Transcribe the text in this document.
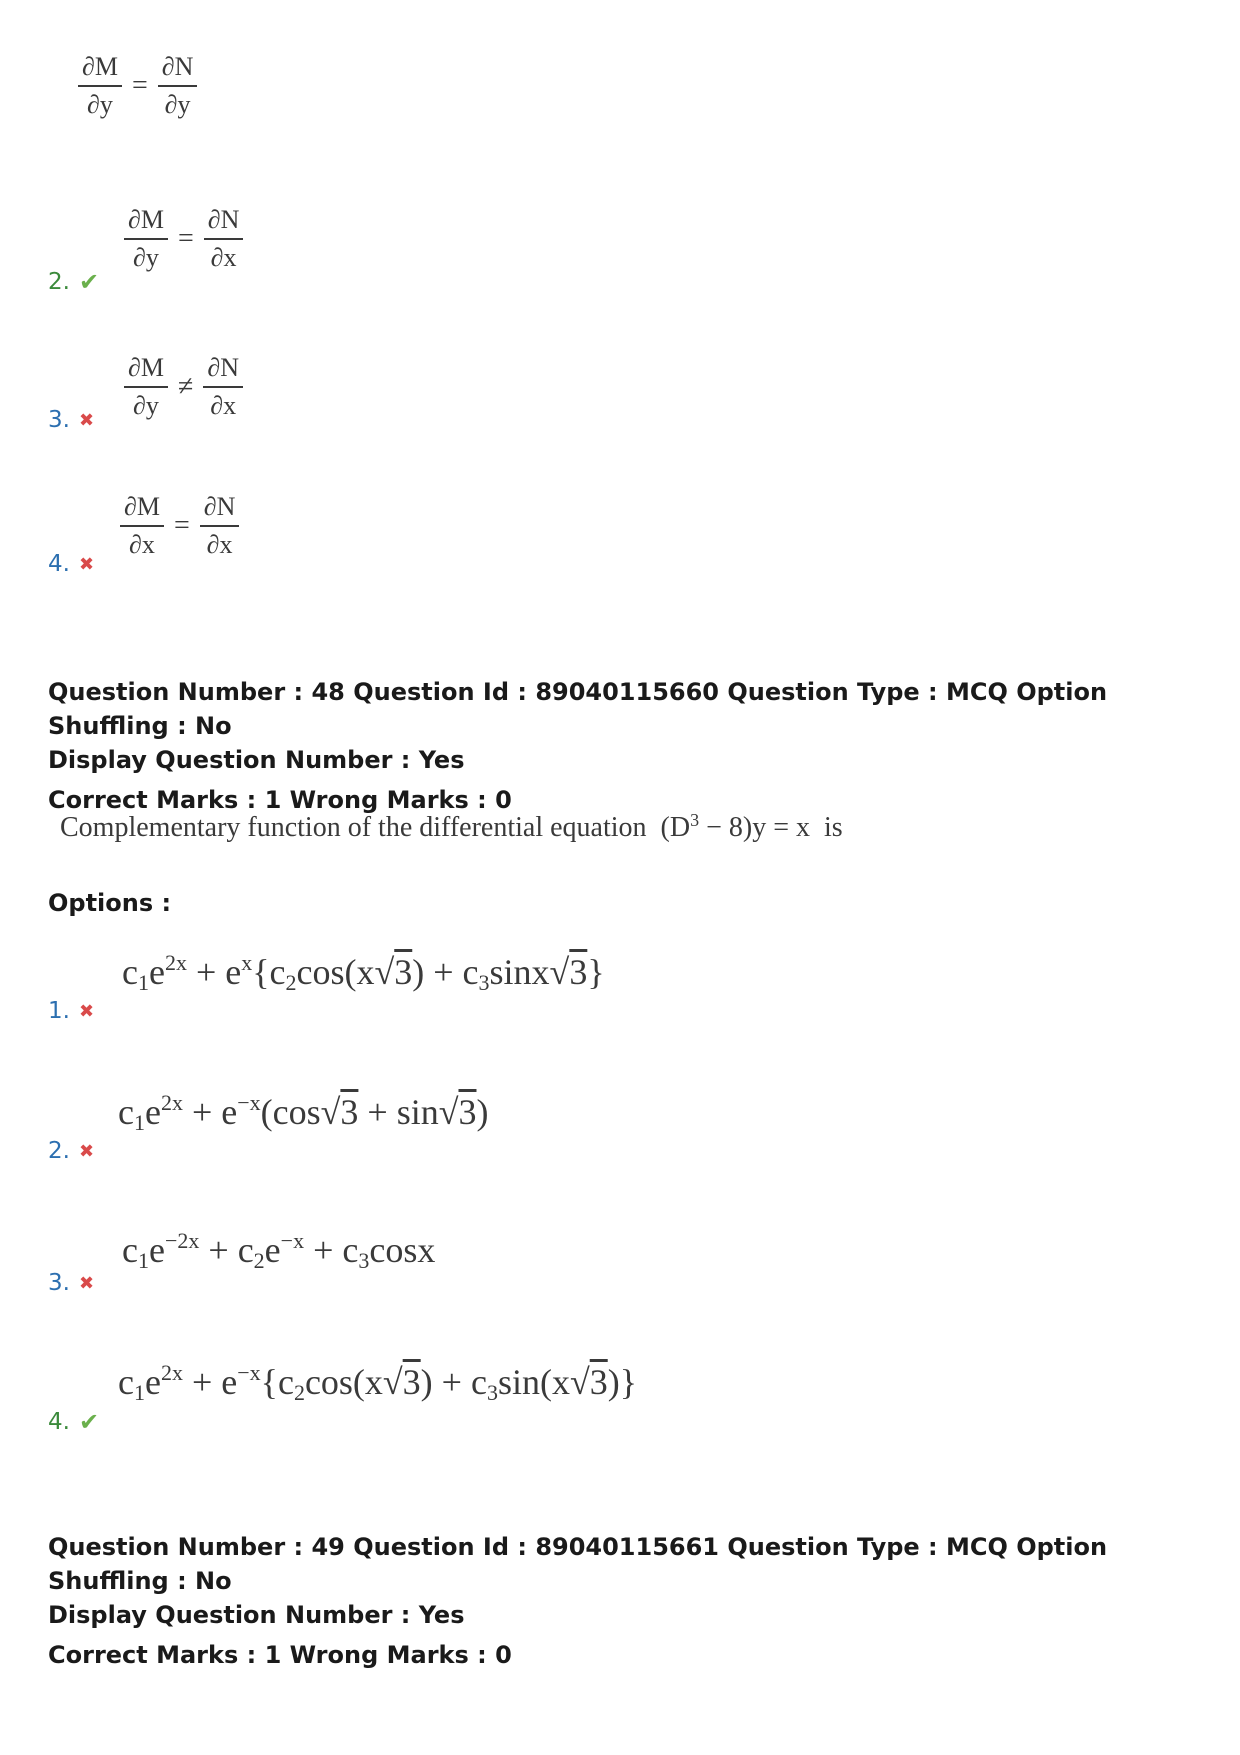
$\frac{\partial M}{\partial y} = \frac{\partial N}{\partial y}$
2. ✔
$\frac{\partial M}{\partial y} = \frac{\partial N}{\partial x}$
3. ✖ $\frac{\partial M}{\partial y} \ne \frac{\partial N}{\partial x}$
4. ✖
$\frac{\partial M}{\partial x} = \frac{\partial N}{\partial x}$
Question Number : 48 Question Id : 89040115660 Question Type : MCQ Option Shuffling : No
Display Question Number : Yes
Correct Marks : 1 Wrong Marks : 0
Complementary function of the differential equation $(D^3 - 8)y = x$ is
Options :
1. ✖
$c_1e^{2x} + e^x\{c_2\cos(x√3) + c_3\sin x√3\}$
2. ✖
$c_1e^{2x} + e^{-x}(\cos√3 + \sin√3)$
3. ✖
$c_1e^{-2x} + c_2e^{-x} + c_3\cos x$
4. ✔
$c_1e^{2x} + e^{-x}\{c_2\cos(x√3) + c_3\sin(x√3)\}$
Question Number : 49 Question Id : 89040115661 Question Type : MCQ Option Shuffling : No
Display Question Number : Yes
Correct Marks : 1 Wrong Marks : 0
